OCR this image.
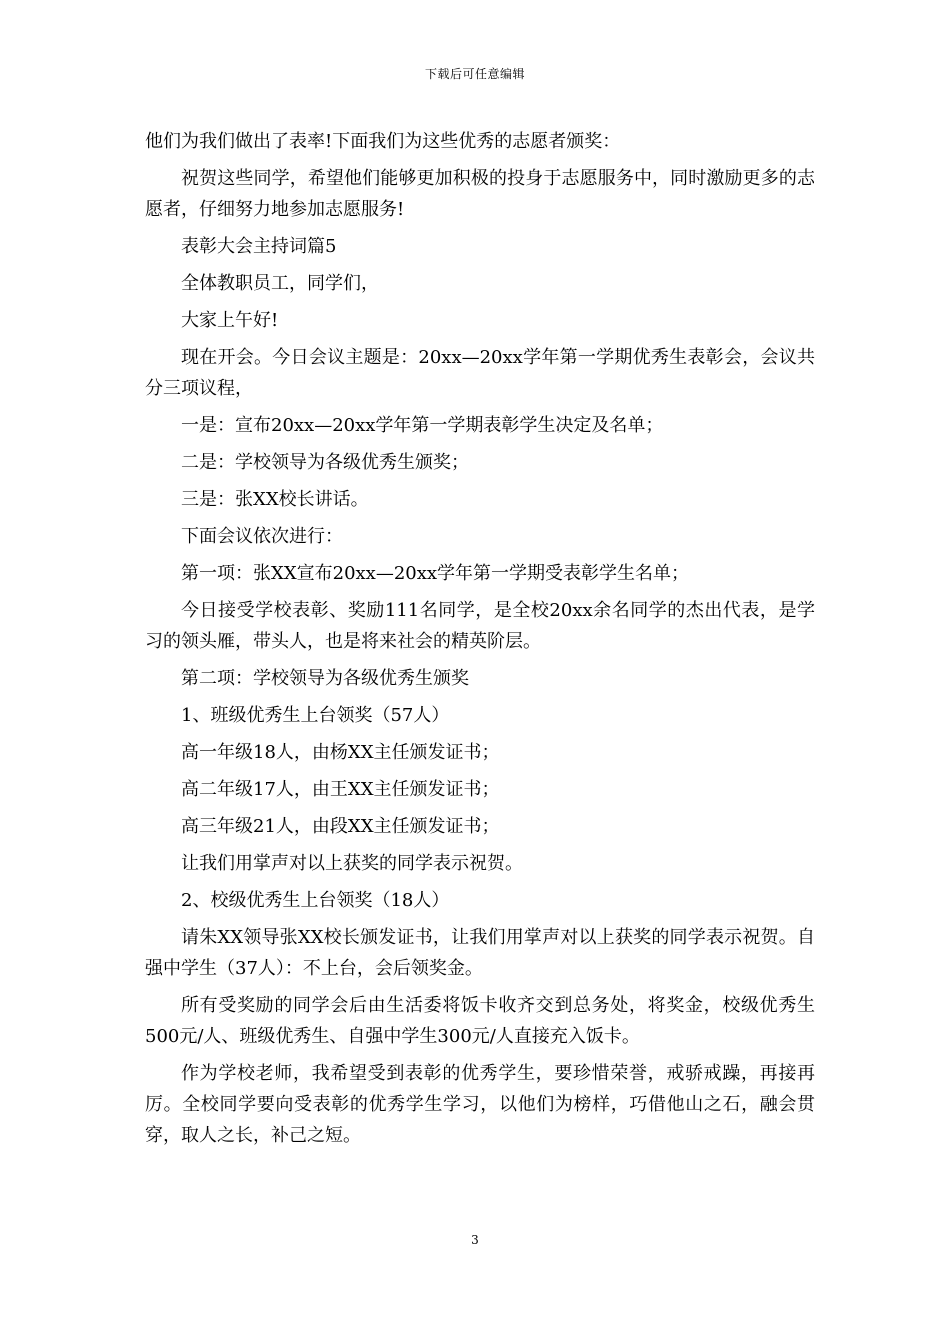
下载后可任意编辑

他们为我们做出了表率!下面我们为这些优秀的志愿者颁奖：

祝贺这些同学，希望他们能够更加积极的投身于志愿服务中，同时激励更多的志愿者，仔细努力地参加志愿服务!

表彰大会主持词篇5

全体教职员工，同学们，

大家上午好!

现在开会。今日会议主题是：20xx—20xx学年第一学期优秀生表彰会，会议共分三项议程，

一是：宣布20xx—20xx学年第一学期表彰学生决定及名单；

二是：学校领导为各级优秀生颁奖；

三是：张XX校长讲话。

下面会议依次进行：

第一项：张XX宣布20xx—20xx学年第一学期受表彰学生名单；

今日接受学校表彰、奖励111名同学，是全校20xx余名同学的杰出代表，是学习的领头雁，带头人，也是将来社会的精英阶层。

第二项：学校领导为各级优秀生颁奖

1、班级优秀生上台领奖（57人）

高一年级18人，由杨XX主任颁发证书；

高二年级17人，由王XX主任颁发证书；

高三年级21人，由段XX主任颁发证书；

让我们用掌声对以上获奖的同学表示祝贺。

2、校级优秀生上台领奖（18人）

请朱XX领导张XX校长颁发证书，让我们用掌声对以上获奖的同学表示祝贺。自强中学生（37人）：不上台，会后领奖金。

所有受奖励的同学会后由生活委将饭卡收齐交到总务处，将奖金，校级优秀生500元/人、班级优秀生、自强中学生300元/人直接充入饭卡。

作为学校老师，我希望受到表彰的优秀学生，要珍惜荣誉，戒骄戒躁，再接再厉。全校同学要向受表彰的优秀学生学习，以他们为榜样，巧借他山之石，融会贯穿，取人之长，补己之短。

3
